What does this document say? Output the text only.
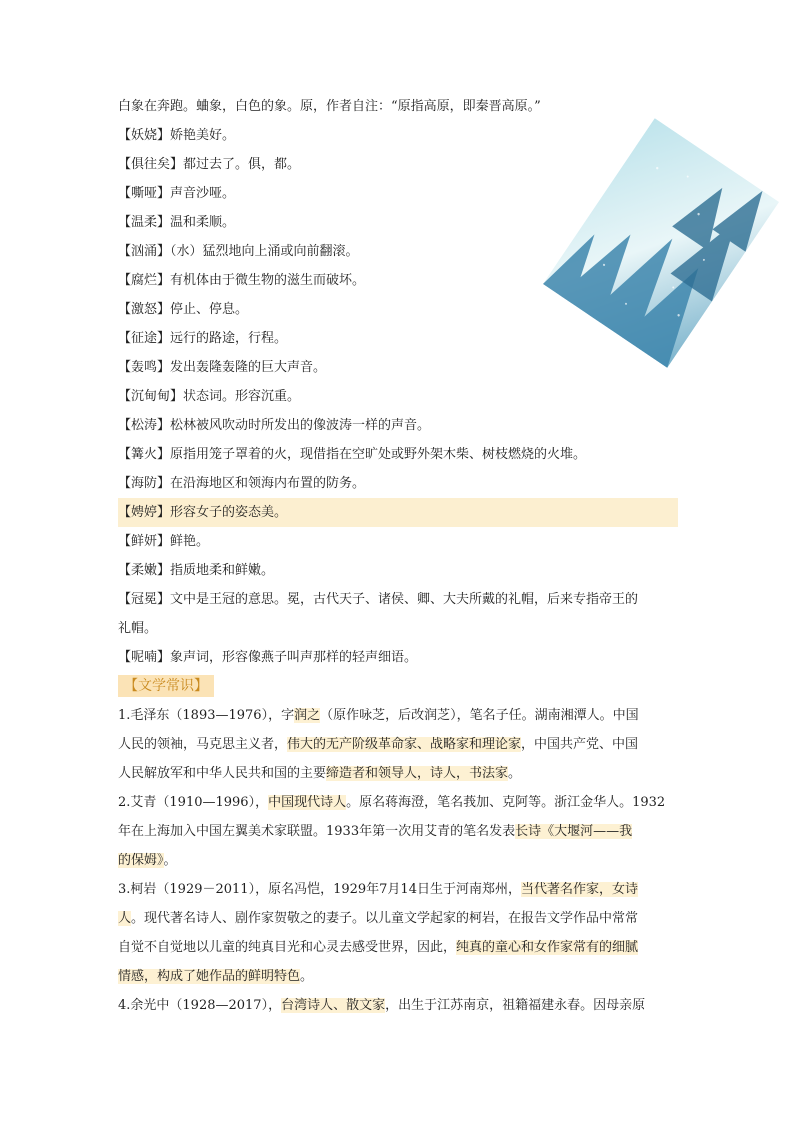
白象在奔跑。蛐象，白色的象。原，作者自注：“原指高原，即秦晋高原。”
【妖娆】娇艳美好。
【俱往矣】都过去了。俱，都。
【嘶哑】声音沙哑。
【温柔】温和柔顺。
【汹涌】（水）猛烈地向上涌或向前翻滚。
【腐烂】有机体由于微生物的滋生而破坏。
【激怒】停止、停息。
【征途】远行的路途，行程。
【轰鸣】发出轰隆轰隆的巨大声音。
【沉甸甸】状态词。形容沉重。
【松涛】松林被风吹动时所发出的像波涛一样的声音。
【篝火】原指用笼子罩着的火，现借指在空旷处或野外架木柴、树枝燃烧的火堆。
【海防】在沿海地区和领海内布置的防务。
【娉婷】形容女子的姿态美。
【鲜妍】鲜艳。
【柔嫩】指质地柔和鲜嫩。
【冠冕】文中是王冠的意思。冕，古代天子、诸侯、卿、大夫所戴的礼帽，后来专指帝王的
礼帽。
【呢喃】象声词，形容像燕子叫声那样的轻声细语。
【文学常识】
1.毛泽东（1893—1976），字润之（原作咏芝，后改润芝），笔名子任。湖南湘潭人。中国
人民的领袖，马克思主义者，伟大的无产阶级革命家、战略家和理论家，中国共产党、中国
人民解放军和中华人民共和国的主要缔造者和领导人，诗人，书法家。
2.艾青（1910—1996），中国现代诗人。原名蒋海澄，笔名莪加、克阿等。浙江金华人。1932
年在上海加入中国左翼美术家联盟。1933年第一次用艾青的笔名发表长诗《大堰河——我
的保姆》。
3.柯岩（1929－2011），原名冯恺，1929年7月14日生于河南郑州，当代著名作家，女诗
人。现代著名诗人、剧作家贺敬之的妻子。以儿童文学起家的柯岩，在报告文学作品中常常
自觉不自觉地以儿童的纯真目光和心灵去感受世界，因此，纯真的童心和女作家常有的细腻
情感，构成了她作品的鲜明特色。
4.余光中（1928—2017），台湾诗人、散文家，出生于江苏南京，祖籍福建永春。因母亲原
